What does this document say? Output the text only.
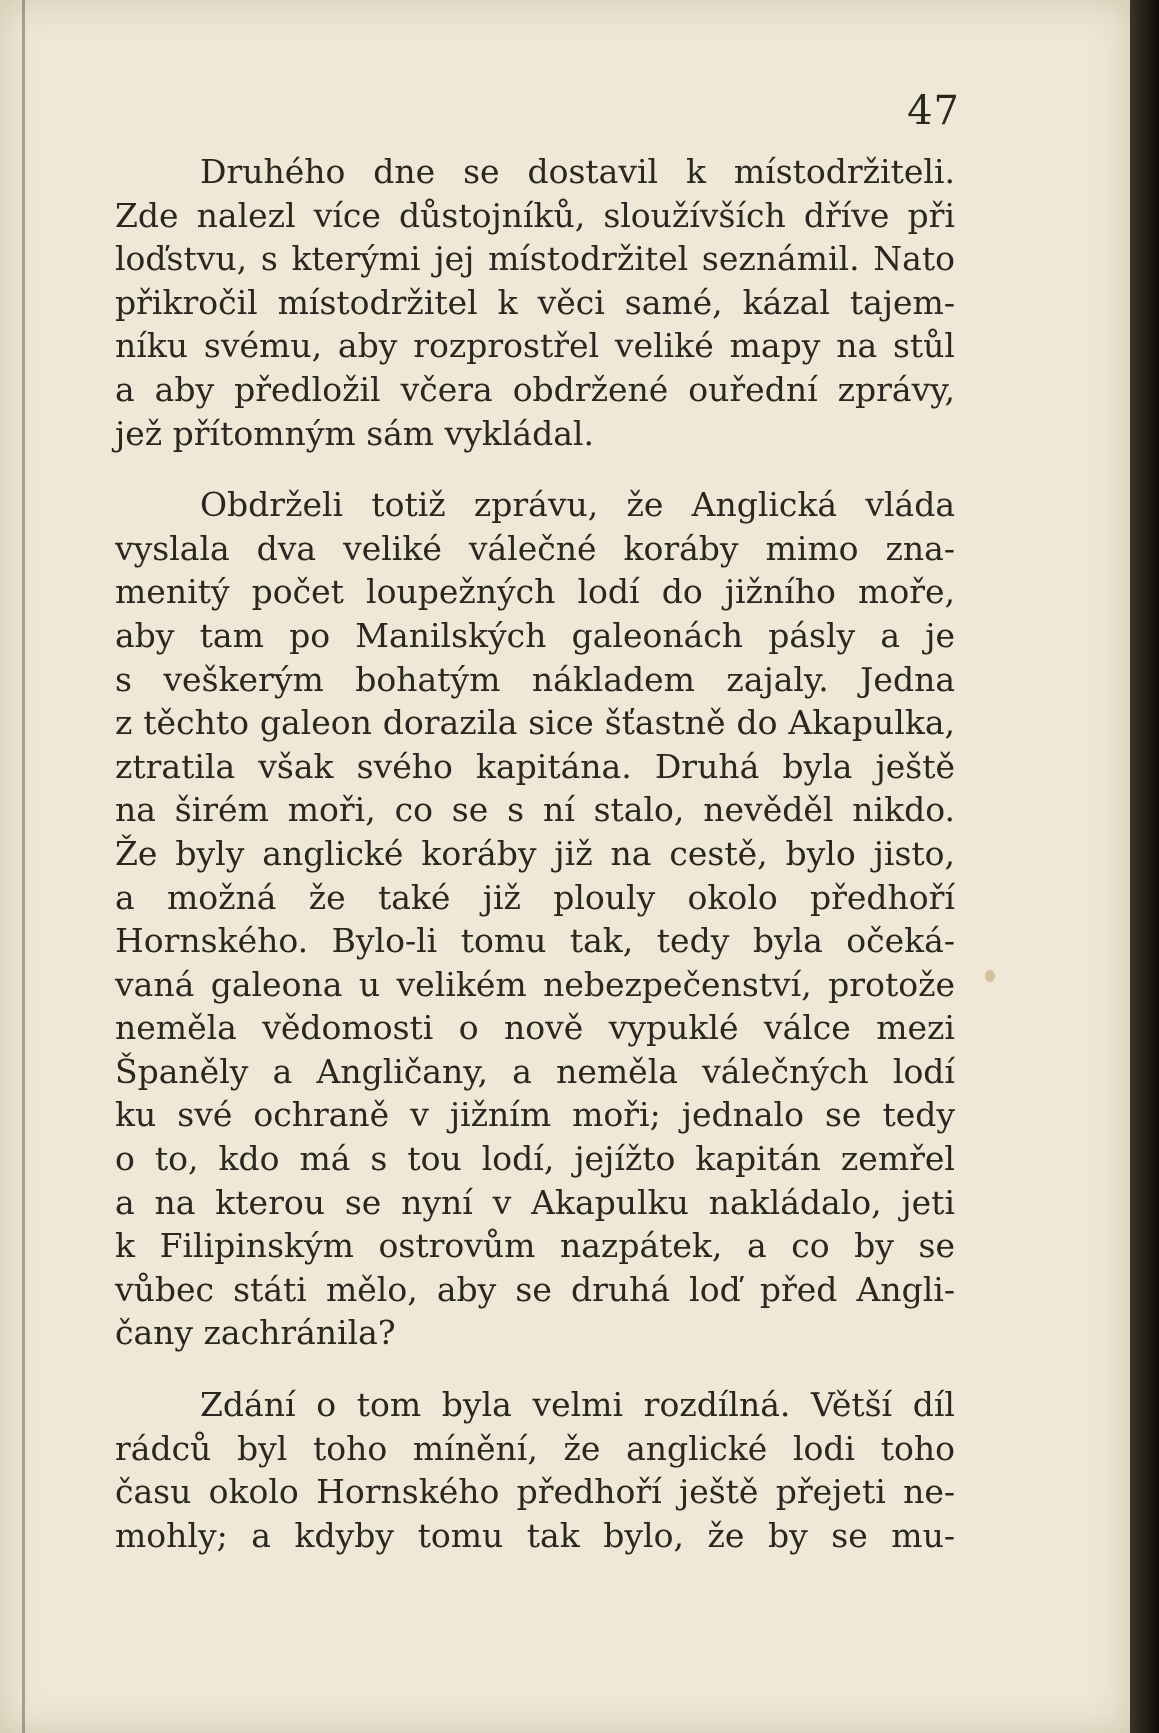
47
Druhého dne se dostavil k místodržiteli.
Zde nalezl více důstojníků, sloužívších dříve při
loďstvu, s kterými jej místodržitel seznámil. Nato
přikročil místodržitel k věci samé, kázal tajem-
níku svému, aby rozprostřel veliké mapy na stůl
a aby předložil včera obdržené ouřední zprávy,
jež přítomným sám vykládal.
Obdrželi totiž zprávu, že Anglická vláda
vyslala dva veliké válečné koráby mimo zna-
menitý počet loupežných lodí do jižního moře,
aby tam po Manilských galeonách pásly a je
s veškerým bohatým nákladem zajaly. Jedna
z těchto galeon dorazila sice šťastně do Akapulka,
ztratila však svého kapitána. Druhá byla ještě
na širém moři, co se s ní stalo, nevěděl nikdo.
Že byly anglické koráby již na cestě, bylo jisto,
a možná že také již plouly okolo předhoří
Hornského. Bylo-li tomu tak, tedy byla očeká-
vaná galeona u velikém nebezpečenství, protože
neměla vědomosti o nově vypuklé válce mezi
Španěly a Angličany, a neměla válečných lodí
ku své ochraně v jižním moři; jednalo se tedy
o to, kdo má s tou lodí, jejížto kapitán zemřel
a na kterou se nyní v Akapulku nakládalo, jeti
k Filipinským ostrovům nazpátek, a co by se
vůbec státi mělo, aby se druhá loď před Angli-
čany zachránila?
Zdání o tom byla velmi rozdílná. Větší díl
rádců byl toho mínění, že anglické lodi toho
času okolo Hornského předhoří ještě přejeti ne-
mohly; a kdyby tomu tak bylo, že by se mu-
